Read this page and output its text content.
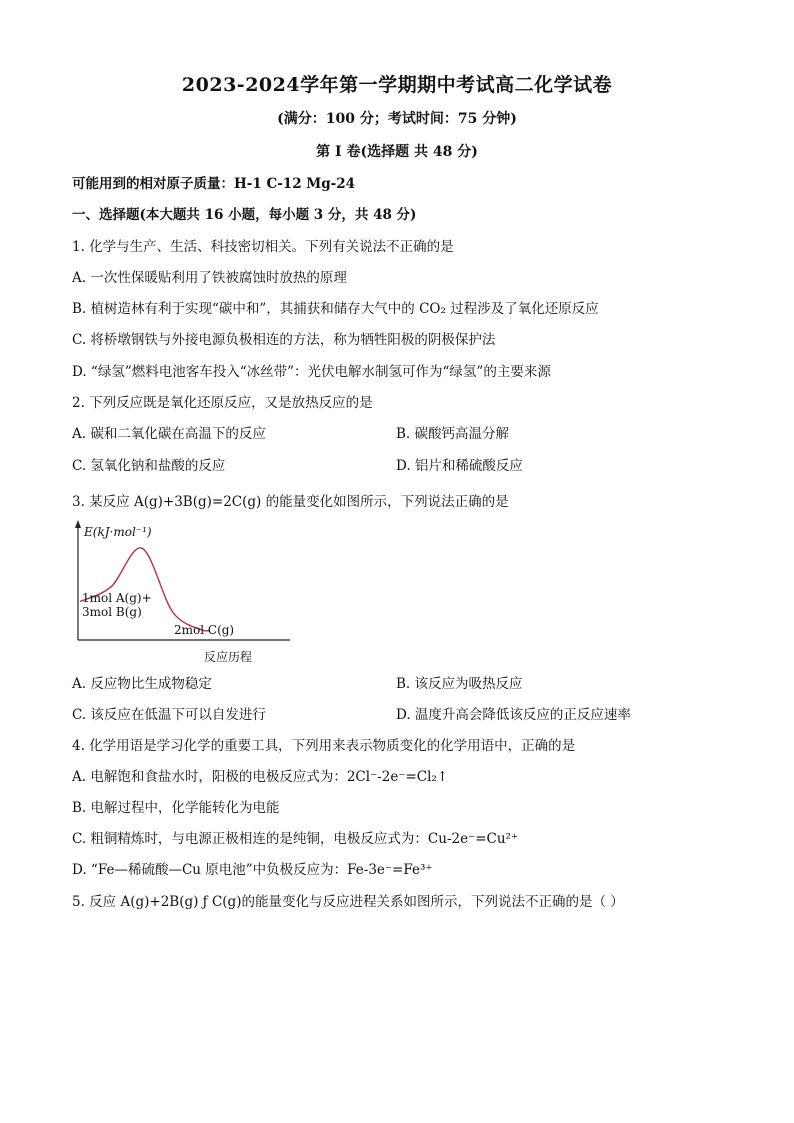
2023-2024学年第一学期期中考试高二化学试卷
(满分：100 分；考试时间：75 分钟)
第 I 卷(选择题 共 48 分)
可能用到的相对原子质量：H-1 C-12 Mg-24
一、选择题(本大题共 16 小题，每小题 3 分，共 48 分)
1. 化学与生产、生活、科技密切相关。下列有关说法不正确的是
A. 一次性保暖贴利用了铁被腐蚀时放热的原理
B. 植树造林有利于实现“碳中和”，其捕获和储存大气中的 CO₂ 过程涉及了氧化还原反应
C. 将桥墩钢铁与外接电源负极相连的方法，称为牺牲阳极的阴极保护法
D. “绿氢”燃料电池客车投入“冰丝带”：光伏电解水制氢可作为“绿氢”的主要来源
2. 下列反应既是氧化还原反应，又是放热反应的是
A. 碳和二氧化碳在高温下的反应	B. 碳酸钙高温分解
C. 氢氧化钠和盐酸的反应	D. 铝片和稀硫酸反应
3. 某反应 A(g)+3B(g)=2C(g) 的能量变化如图所示，下列说法正确的是
E(kJ·mol⁻¹)
1mol A(g)+
3mol B(g)
2mol C(g)
反应历程
A. 反应物比生成物稳定	B. 该反应为吸热反应
C. 该反应在低温下可以自发进行	D. 温度升高会降低该反应的正反应速率
4. 化学用语是学习化学的重要工具，下列用来表示物质变化的化学用语中，正确的是
A. 电解饱和食盐水时，阳极的电极反应式为：2Cl⁻-2e⁻=Cl₂↑
B. 电解过程中，化学能转化为电能
C. 粗铜精炼时，与电源正极相连的是纯铜，电极反应式为：Cu-2e⁻=Cu²⁺
D. “Fe—稀硫酸—Cu 原电池”中负极反应为：Fe-3e⁻=Fe³⁺
5. 反应 A(g)+2B(g) ƒ C(g)的能量变化与反应进程关系如图所示，下列说法不正确的是（ ）
